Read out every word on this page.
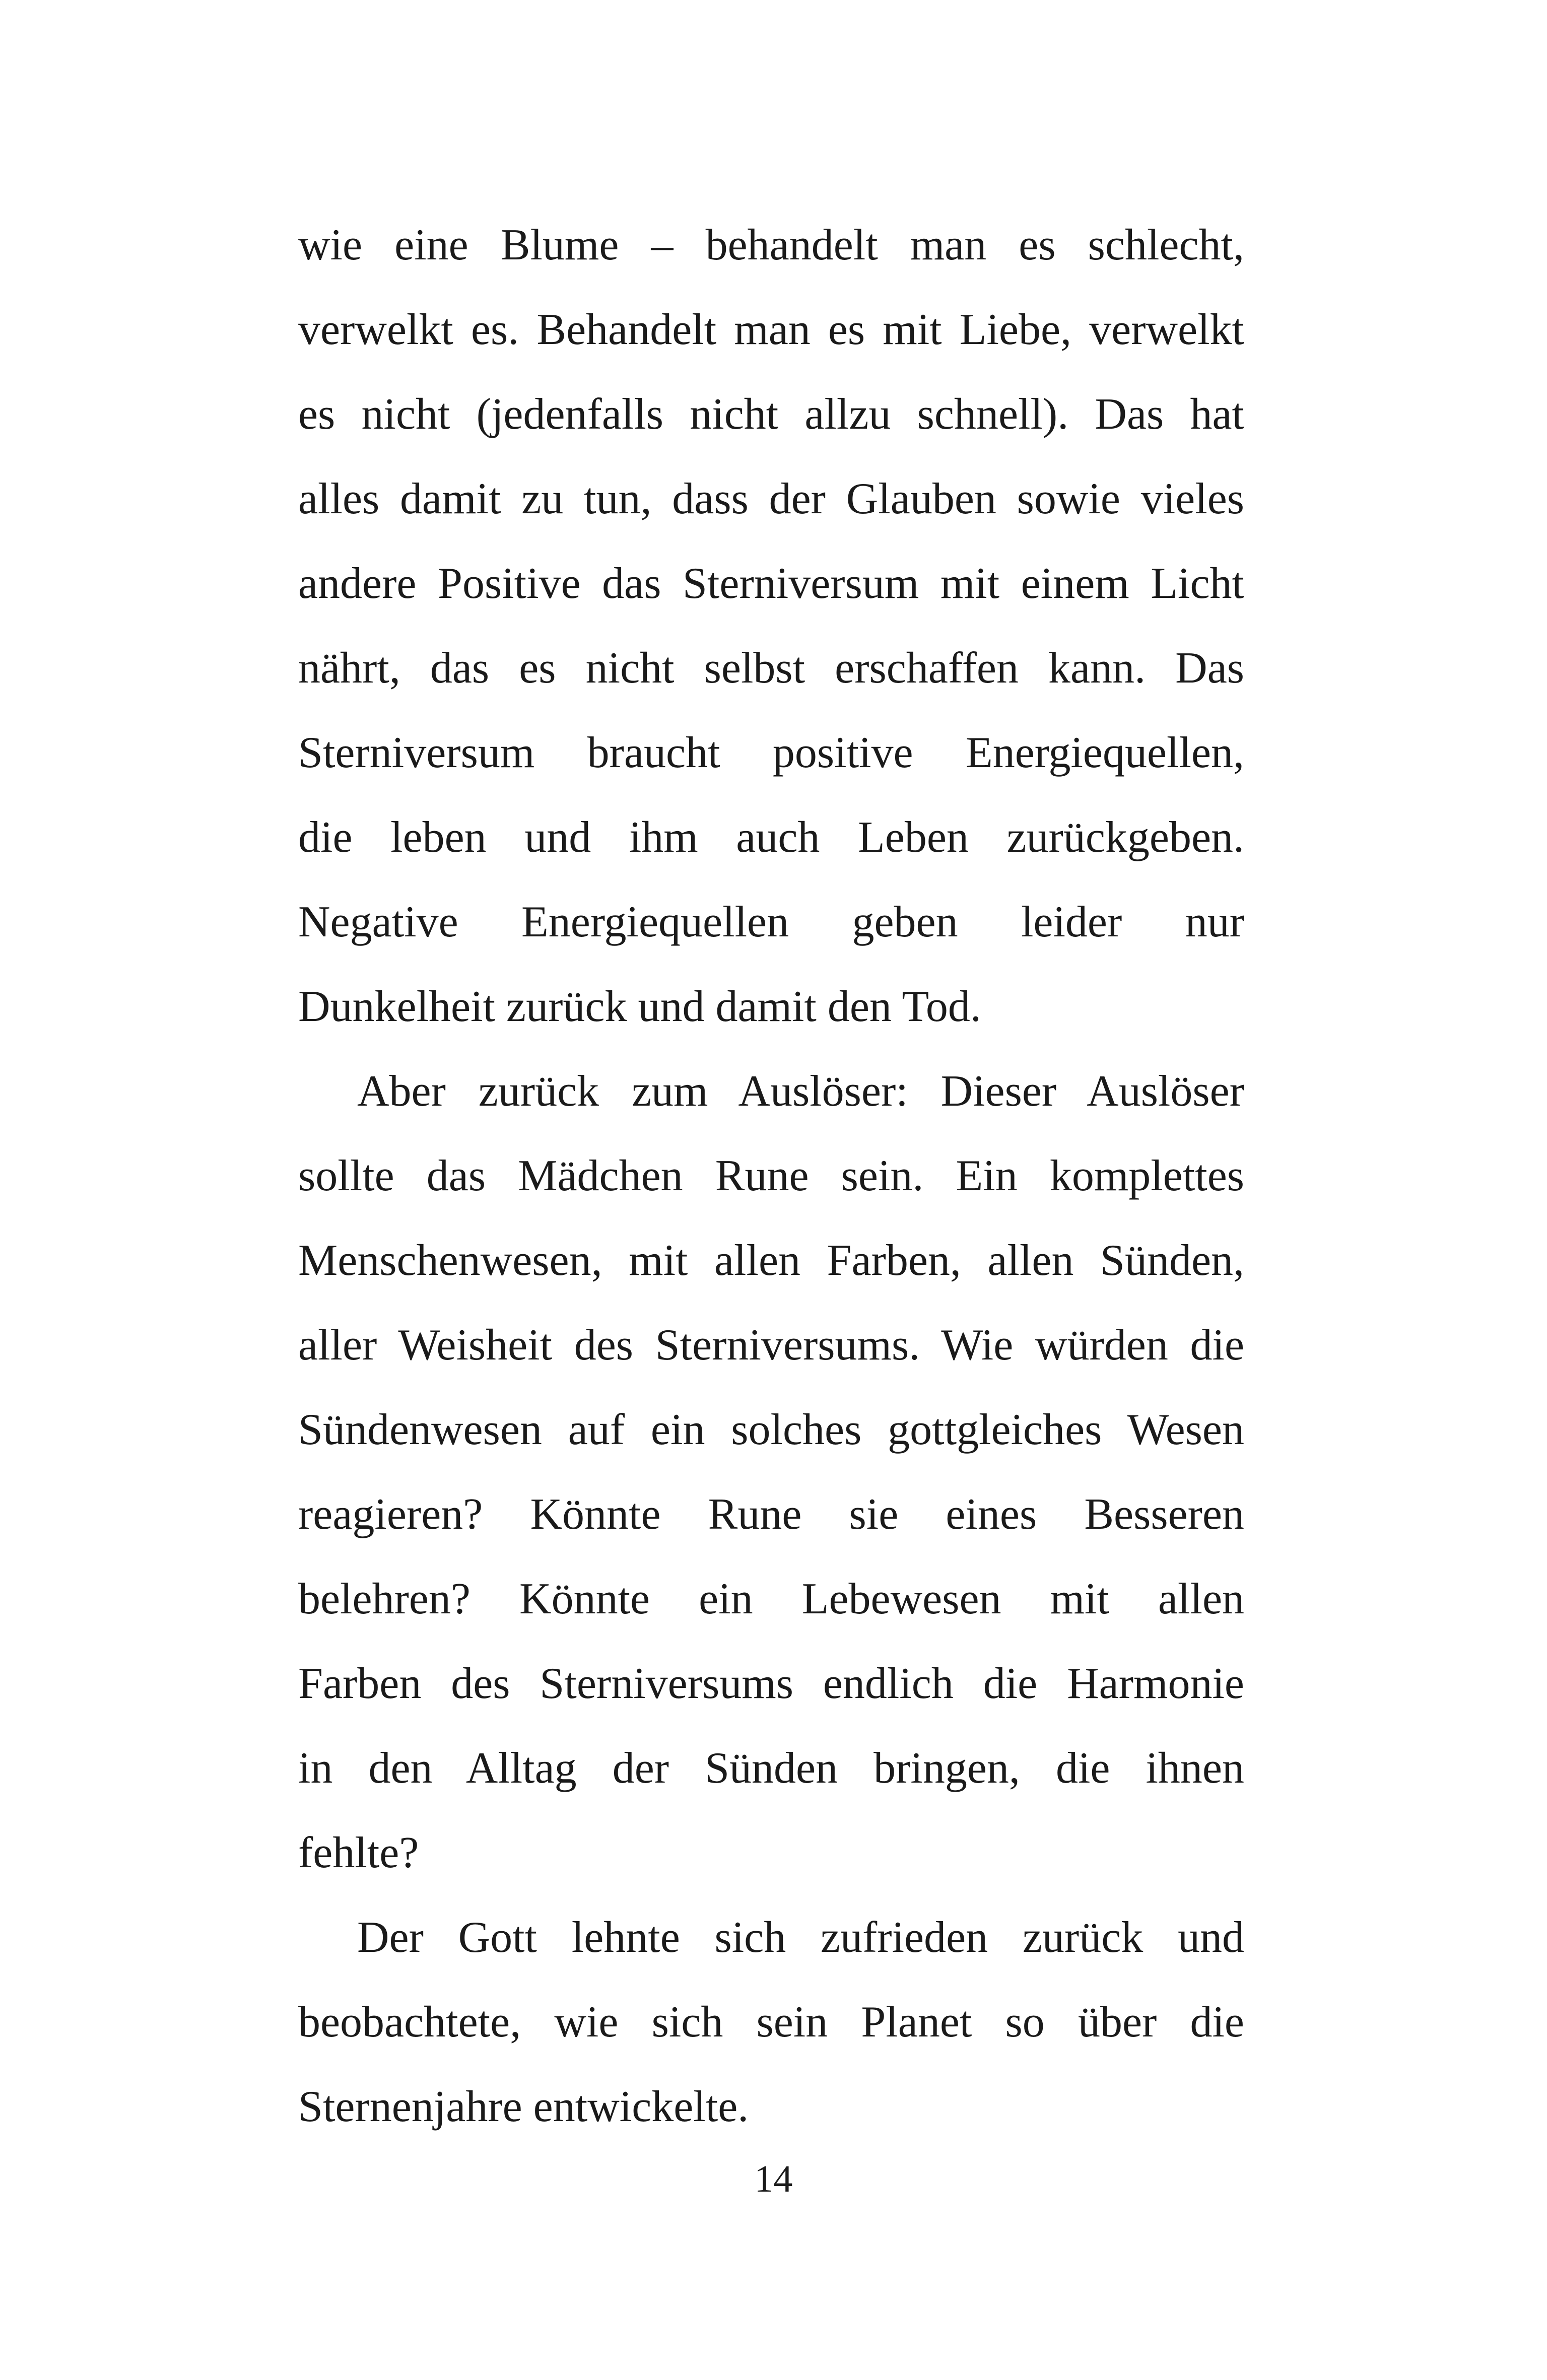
wie eine Blume – behandelt man es schlecht,
verwelkt es. Behandelt man es mit Liebe, verwelkt
es nicht (jedenfalls nicht allzu schnell). Das hat
alles damit zu tun, dass der Glauben sowie vieles
andere Positive das Sterniversum mit einem Licht
nährt, das es nicht selbst erschaffen kann. Das
Sterniversum braucht positive Energiequellen,
die leben und ihm auch Leben zurückgeben.
Negative Energiequellen geben leider nur
Dunkelheit zurück und damit den Tod.
Aber zurück zum Auslöser: Dieser Auslöser
sollte das Mädchen Rune sein. Ein komplettes
Menschenwesen, mit allen Farben, allen Sünden,
aller Weisheit des Sterniversums. Wie würden die
Sündenwesen auf ein solches gottgleiches Wesen
reagieren? Könnte Rune sie eines Besseren
belehren? Könnte ein Lebewesen mit allen
Farben des Sterniversums endlich die Harmonie
in den Alltag der Sünden bringen, die ihnen
fehlte?
Der Gott lehnte sich zufrieden zurück und
beobachtete, wie sich sein Planet so über die
Sternenjahre entwickelte.
14
